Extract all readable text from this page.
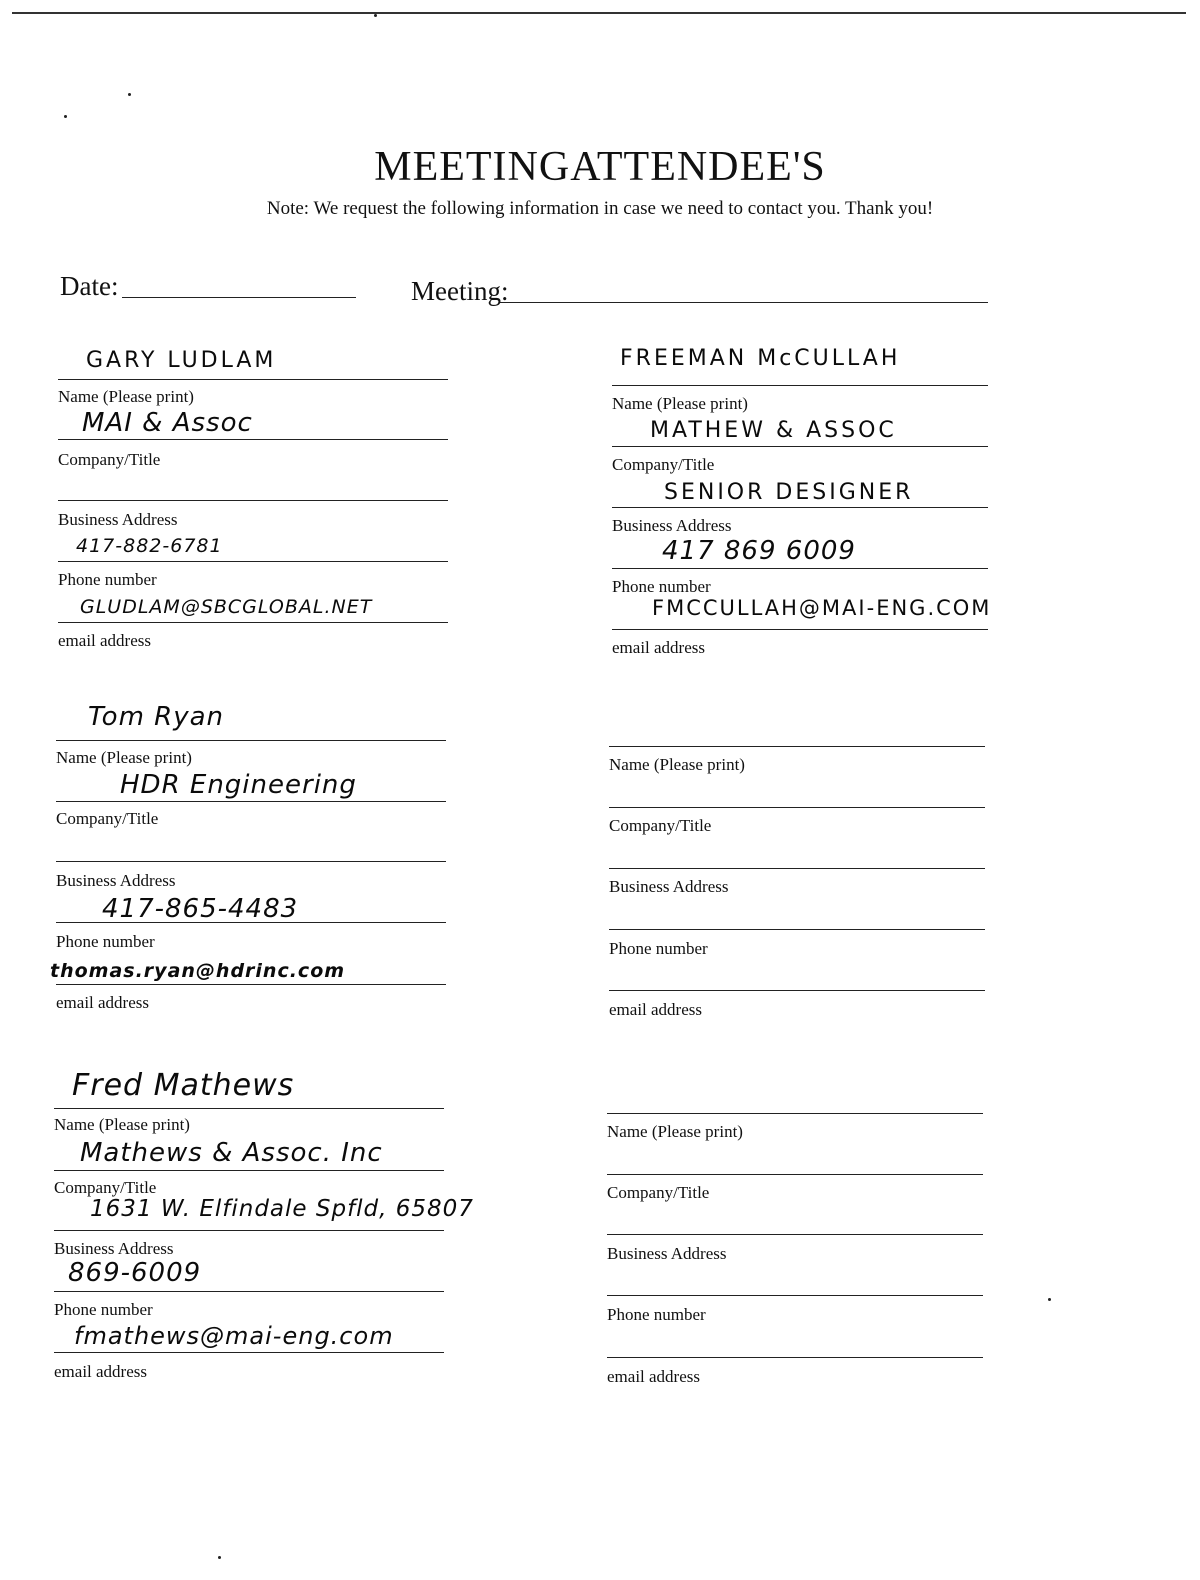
MEETINGATTENDEE'S
Note: We request the following information in case we need to contact you. Thank you!
Date:	Meeting:
GARY LUDLAM
Name (Please print)
MAI & Assoc
Company/Title
Business Address
417-882-6781
Phone number
GLUDLAM@SBCGLOBAL.NET
email address
FREEMAN McCULLAH
Name (Please print)
MATHEW & ASSOC
Company/Title
SENIOR DESIGNER
Business Address
417 869 6009
Phone number
FMCCULLAH@MAI-ENG.COM
email address
Tom Ryan
Name (Please print)
HDR Engineering
Company/Title
Business Address
417-865-4483
Phone number
thomas.ryan@hdrinc.com
email address
Name (Please print)
Company/Title
Business Address
Phone number
email address
Fred Mathews
Name (Please print)
Mathews & Assoc. Inc
Company/Title
1631 W. Elfindale Spfld, 65807
Business Address
869-6009
Phone number
fmathews@mai-eng.com
email address
Name (Please print)
Company/Title
Business Address
Phone number
email address
